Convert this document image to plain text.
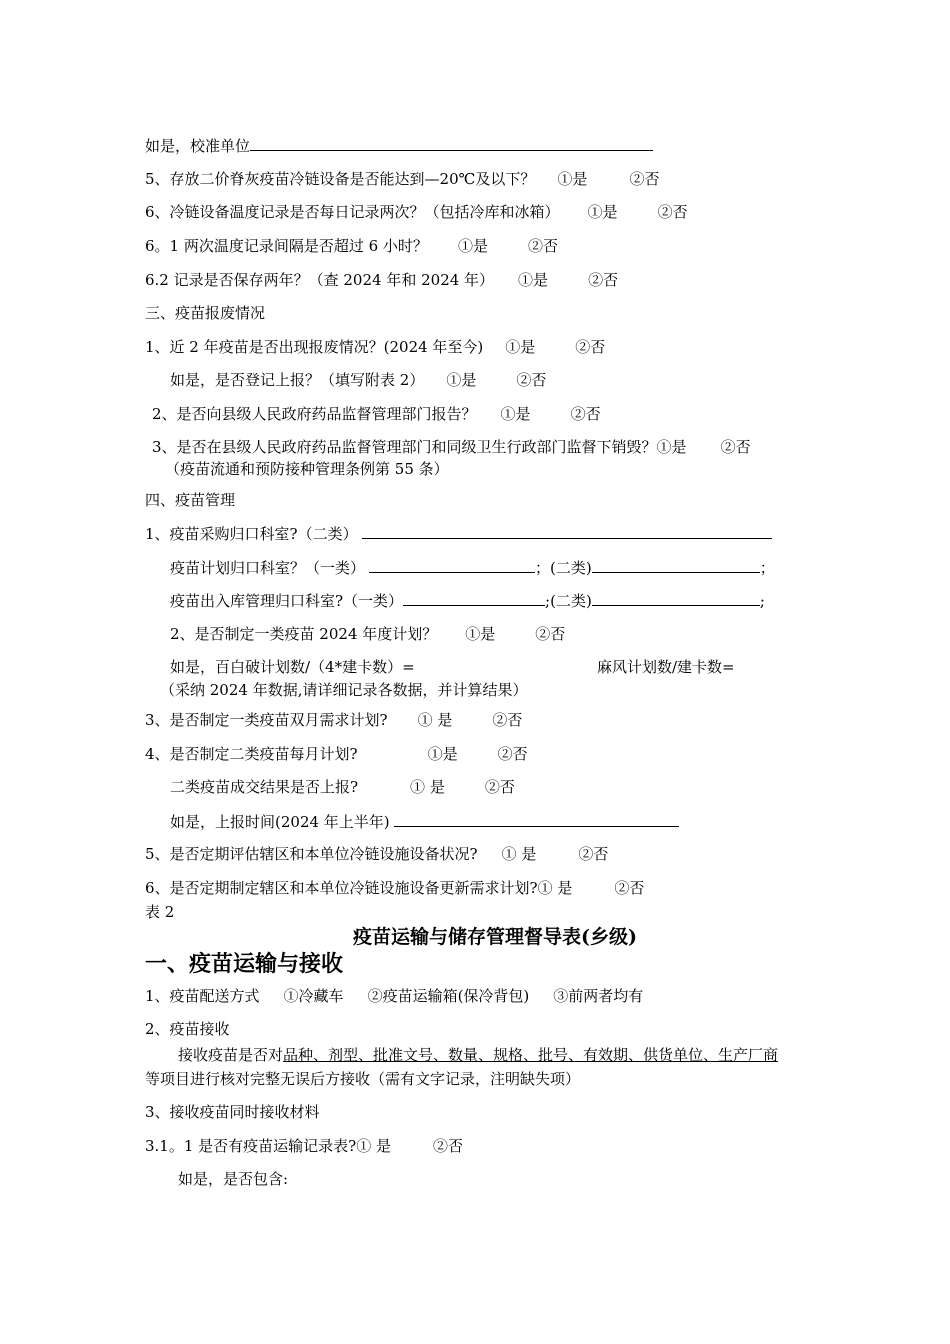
如是，校准单位
5、存放二价脊灰疫苗冷链设备是否能达到—20℃及以下？ ①是	②否
6、冷链设备温度记录是否每日记录两次？（包括冷库和冰箱） ①是	②否
6。1 两次温度记录间隔是否超过 6 小时？ ①是	②否
6.2 记录是否保存两年？（查 2024 年和 2024 年） ①是	②否
三、疫苗报废情况
1、近 2 年疫苗是否出现报废情况？(2024 年至今) ①是	②否
如是，是否登记上报？（填写附表 2） ①是	②否
2、是否向县级人民政府药品监督管理部门报告？ ①是	②否
3、是否在县级人民政府药品监督管理部门和同级卫生行政部门监督下销毁？①是 ②否
（疫苗流通和预防接种管理条例第 55 条）
四、疫苗管理
1、疫苗采购归口科室?（二类）
疫苗计划归口科室？（一类）	；(二类)	；
疫苗出入库管理归口科室?（一类）	;(二类)	;
2、是否制定一类疫苗 2024 年度计划？ ①是	②否
如是，百白破计划数/（4*建卡数）=	麻风计划数/建卡数=
（采纳 2024 年数据,请详细记录各数据，并计算结果）
3、是否制定一类疫苗双月需求计划? ① 是	②否
4、是否制定二类疫苗每月计划?	①是	②否
二类疫苗成交结果是否上报?	① 是	②否
如是，上报时间(2024 年上半年)
5、是否定期评估辖区和本单位冷链设施设备状况? ① 是	②否
6、是否定期制定辖区和本单位冷链设施设备更新需求计划?① 是	②否
表 2
疫苗运输与储存管理督导表(乡级)
一、疫苗运输与接收
1、疫苗配送方式 ①冷藏车 ②疫苗运输箱(保冷背包) ③前两者均有
2、疫苗接收
接收疫苗是否对品种、剂型、批准文号、数量、规格、批号、有效期、供货单位、生产厂商
等项目进行核对完整无误后方接收（需有文字记录，注明缺失项）
3、接收疫苗同时接收材料
3.1。1 是否有疫苗运输记录表?① 是	②否
如是，是否包含:
